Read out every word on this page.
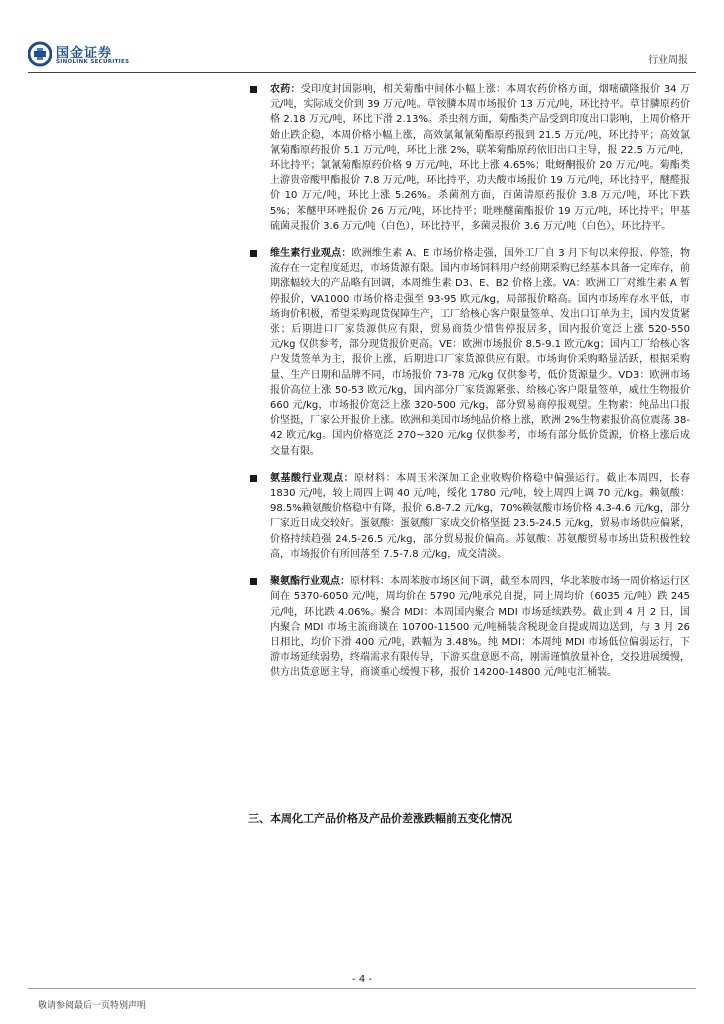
国金证券
SINOLINK SECURITIES	行业周报
农药：受印度封国影响，相关菊酯中间体小幅上涨：本周农药价格方面，烟嘧磺隆报价 34 万元/吨，实际成交价到 39 万元/吨。草铵膦本周市场报价 13 万元/吨，环比持平。草甘膦原药价格 2.18 万元/吨，环比下滑 2.13%。杀虫剂方面，菊酯类产品受到印度出口影响，上周价格开始止跌企稳，本周价格小幅上涨，高效氯氟氰菊酯原药报到 21.5 万元/吨，环比持平；高效氯氰菊酯原药报价 5.1 万元/吨，环比上涨 2%，联苯菊酯原药依旧出口主导，报 22.5 万元/吨，环比持平；氯氰菊酯原药价格 9 万元/吨，环比上涨 4.65%；吡蚜酮报价 20 万元/吨。菊酯类上游贵帝酸甲酯报价 7.8 万元/吨，环比持平，功夫酸市场报价 19 万元/吨，环比持平，醚醛报价 10 万元/吨，环比上涨 5.26%。杀菌剂方面，百菌清原药报价 3.8 万元/吨，环比下跌 5%；苯醚甲环唑报价 26 万元/吨，环比持平；吡唑醚菌酯报价 19 万元/吨，环比持平；甲基硫菌灵报价 3.6 万元/吨（白色），环比持平，多菌灵报价 3.6 万元/吨（白色），环比持平。
维生素行业观点：欧洲维生素 A、E 市场价格走强，国外工厂自 3 月下旬以来停报、停签，物流存在一定程度延迟，市场货源有限。国内市场饲料用户经前期采购已经基本具备一定库存，前期涨幅较大的产品略有回调，本周维生素 D3、E、B2 价格上涨。VA：欧洲工厂对维生素 A 暂停报价，VA1000 市场价格走强至 93-95 欧元/kg，局部报价略高。国内市场库存水平低，市场询价积极，希望采购现货保障生产，工厂给核心客户限量签单、发出口订单为主，国内发货紧张；后期进口厂家货源供应有限，贸易商货少惜售停报居多，国内报价宽泛上涨 520-550 元/kg 仅供参考，部分现货报价更高。VE：欧洲市场报价 8.5-9.1 欧元/kg；国内工厂给核心客户发货签单为主，报价上涨，后期进口厂家货源供应有限。市场询价采购略显活跃，根据采购量、生产日期和品牌不同，市场报价 73-78 元/kg 仅供参考，低价货源量少。VD3：欧洲市场报价高位上涨 50-53 欧元/kg，国内部分厂家货源紧张、给核心客户限量签单，威仕生物报价 660 元/kg，市场报价宽泛上涨 320-500 元/kg，部分贸易商停报观望。生物素：纯品出口报价坚挺，厂家公开报价上涨。欧洲和美国市场纯品价格上涨，欧洲 2%生物素报价高位震荡 38-42 欧元/kg。国内价格宽泛 270~320 元/kg 仅供参考，市场有部分低价货源，价格上涨后成交量有限。
氨基酸行业观点：原材料：本周玉米深加工企业收购价格稳中偏强运行。截止本周四，长春 1830 元/吨，较上周四上调 40 元/吨，绥化 1780 元/吨，较上周四上调 70 元/kg。赖氨酸：98.5%赖氨酸价格稳中有降，报价 6.8-7.2 元/kg，70%赖氨酸市场价格 4.3-4.6 元/kg，部分厂家近日成交较好。蛋氨酸：蛋氨酸厂家成交价格坚挺 23.5-24.5 元/kg，贸易市场供应偏紧，价格持续趋强 24.5-26.5 元/kg，部分贸易报价偏高。苏氨酸：苏氨酸贸易市场出货积极性较高，市场报价有所回落至 7.5-7.8 元/kg，成交清淡。
聚氨酯行业观点：原材料：本周苯胺市场区间下调，截至本周四，华北苯胺市场一周价格运行区间在 5370-6050 元/吨，周均价在 5790 元/吨承兑自提，同上周均价（6035 元/吨）跌 245 元/吨，环比跌 4.06%。聚合 MDI：本周国内聚合 MDI 市场延续跌势。截止到 4 月 2 日，国内聚合 MDI 市场主流商谈在 10700-11500 元/吨桶装含税现金自提或周边送到，与 3 月 26 日相比，均价下滑 400 元/吨，跌幅为 3.48%。纯 MDI：本周纯 MDI 市场低位偏弱运行，下游市场延续弱势，终端需求有限传导，下游买盘意愿不高，刚需谨慎放量补仓，交投进展缓慢，供方出货意愿主导，商谈重心缓慢下移，报价 14200-14800 元/吨屯汇桶装。
三、本周化工产品价格及产品价差涨跌幅前五变化情况
- 4 -
敬请参阅最后一页特别声明
